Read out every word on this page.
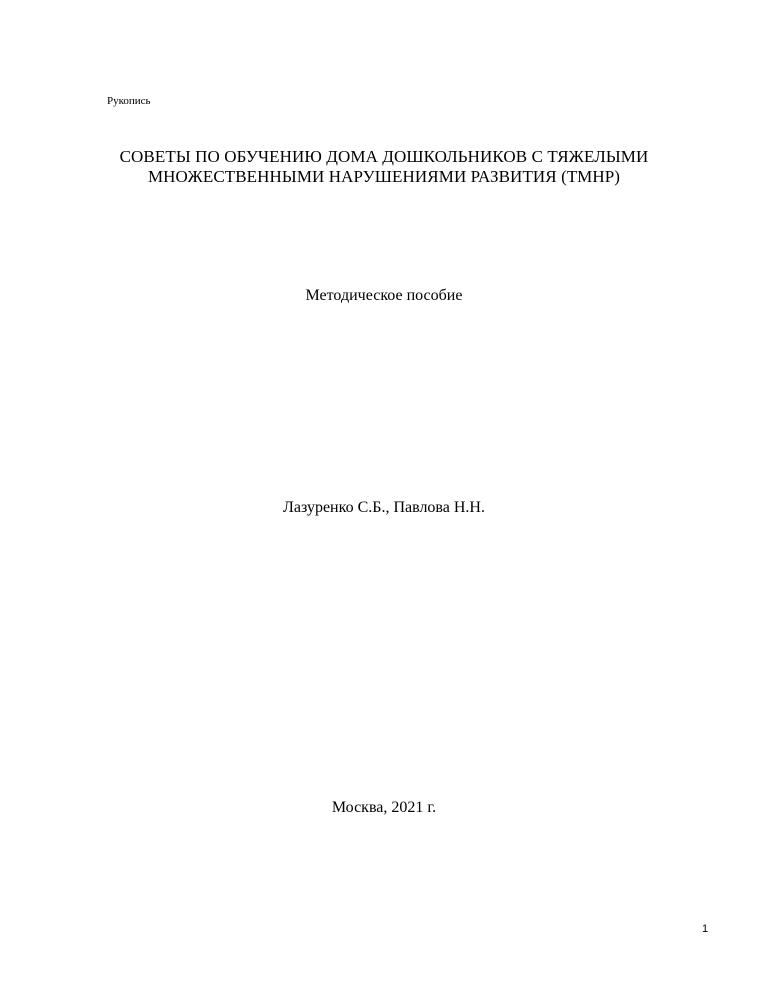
Рукопись
СОВЕТЫ ПО ОБУЧЕНИЮ ДОМА ДОШКОЛЬНИКОВ С ТЯЖЕЛЫМИ
МНОЖЕСТВЕННЫМИ НАРУШЕНИЯМИ РАЗВИТИЯ (ТМНР)
Методическое пособие
Лазуренко С.Б., Павлова Н.Н.
Москва, 2021 г.
1
